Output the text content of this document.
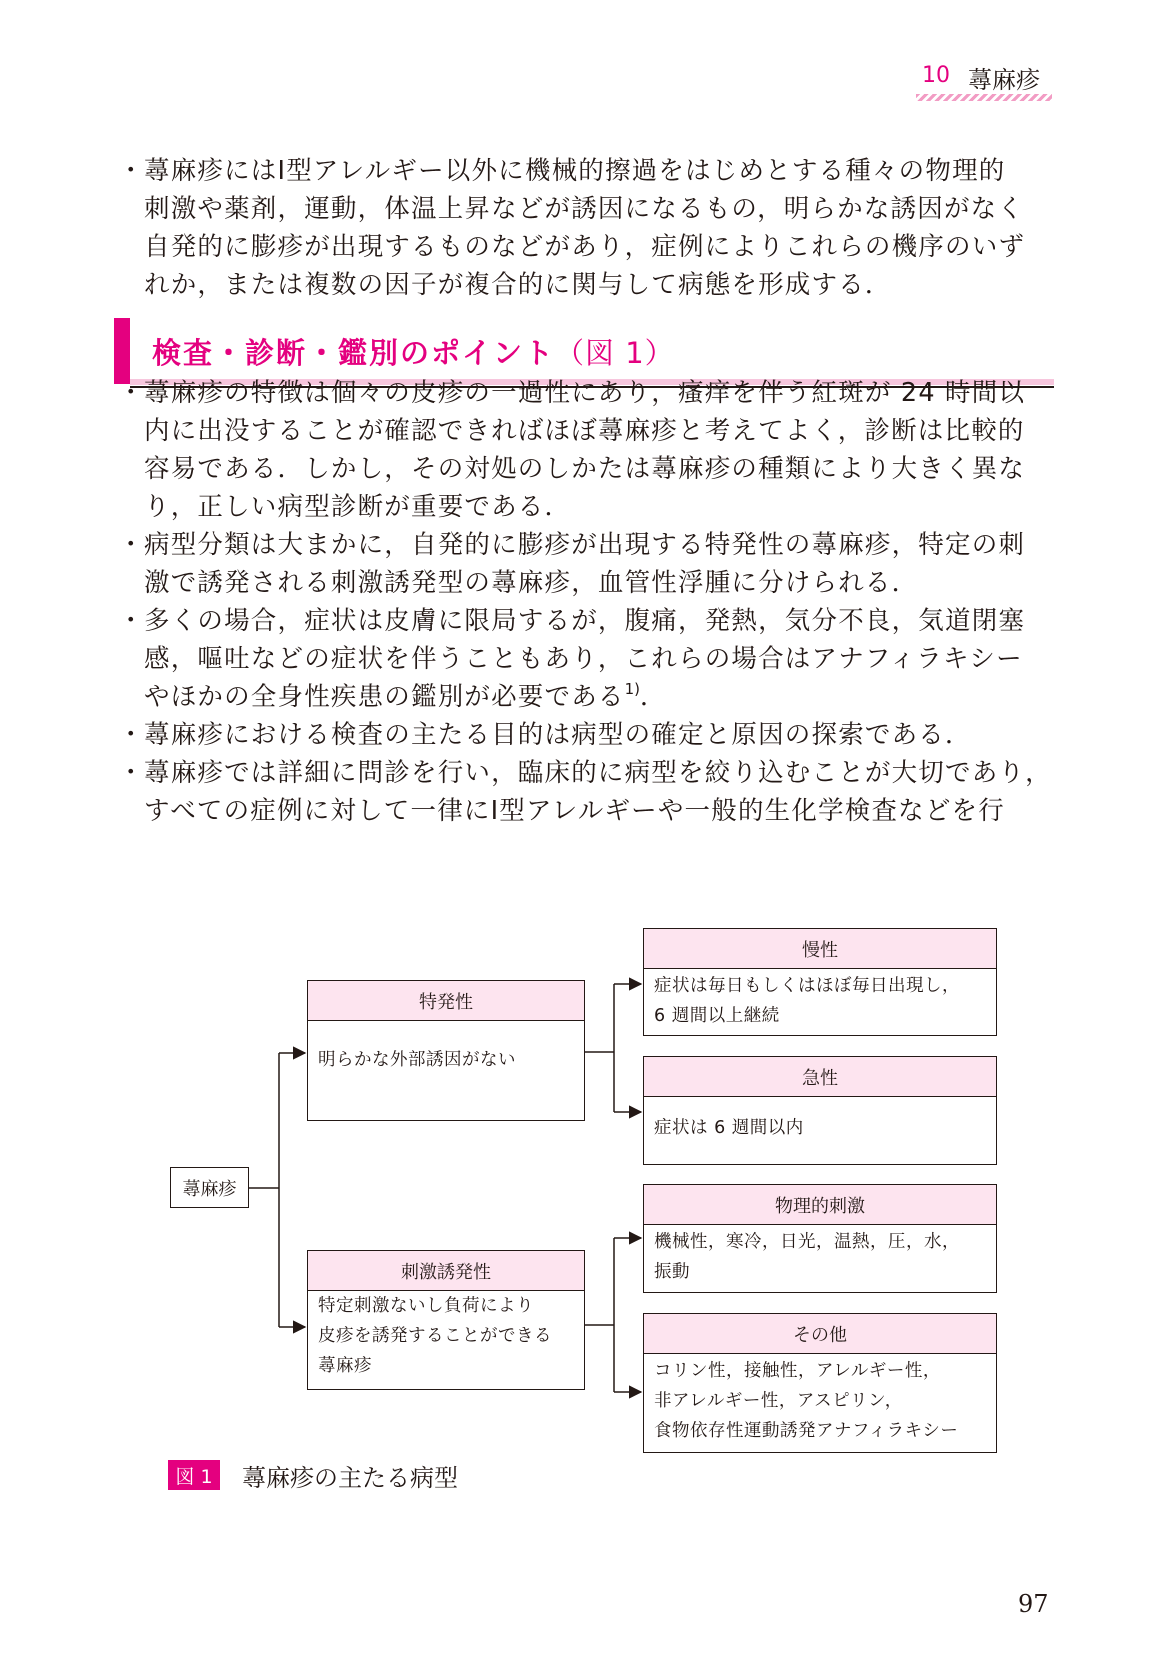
10 蕁麻疹
・蕁麻疹にはⅠ型アレルギー以外に機械的擦過をはじめとする種々の物理的
刺激や薬剤，運動，体温上昇などが誘因になるもの，明らかな誘因がなく
自発的に膨疹が出現するものなどがあり，症例によりこれらの機序のいず
れか，または複数の因子が複合的に関与して病態を形成する．
検査・診断・鑑別のポイント（図 1）
・蕁麻疹の特徴は個々の皮疹の一過性にあり，瘙痒を伴う紅斑が 24 時間以
内に出没することが確認できればほぼ蕁麻疹と考えてよく，診断は比較的
容易である．しかし，その対処のしかたは蕁麻疹の種類により大きく異な
り，正しい病型診断が重要である．
・病型分類は大まかに，自発的に膨疹が出現する特発性の蕁麻疹，特定の刺
激で誘発される刺激誘発型の蕁麻疹，血管性浮腫に分けられる．
・多くの場合，症状は皮膚に限局するが，腹痛，発熱，気分不良，気道閉塞
感，嘔吐などの症状を伴うこともあり，これらの場合はアナフィラキシー
やほかの全身性疾患の鑑別が必要である$^{1)}$．
・蕁麻疹における検査の主たる目的は病型の確定と原因の探索である．
・蕁麻疹では詳細に問診を行い，臨床的に病型を絞り込むことが大切であり，
すべての症例に対して一律にⅠ型アレルギーや一般的生化学検査などを行
蕁麻疹
特発性
明らかな外部誘因がない
慢性
症状は毎日もしくはほぼ毎日出現し，
6 週間以上継続
急性
症状は 6 週間以内
刺激誘発性
特定刺激ないし負荷により
皮疹を誘発することができる
蕁麻疹
物理的刺激
機械性，寒冷，日光，温熱，圧，水，
振動
その他
コリン性，接触性，アレルギー性，
非アレルギー性，アスピリン，
食物依存性運動誘発アナフィラキシー
図 1	蕁麻疹の主たる病型
97
